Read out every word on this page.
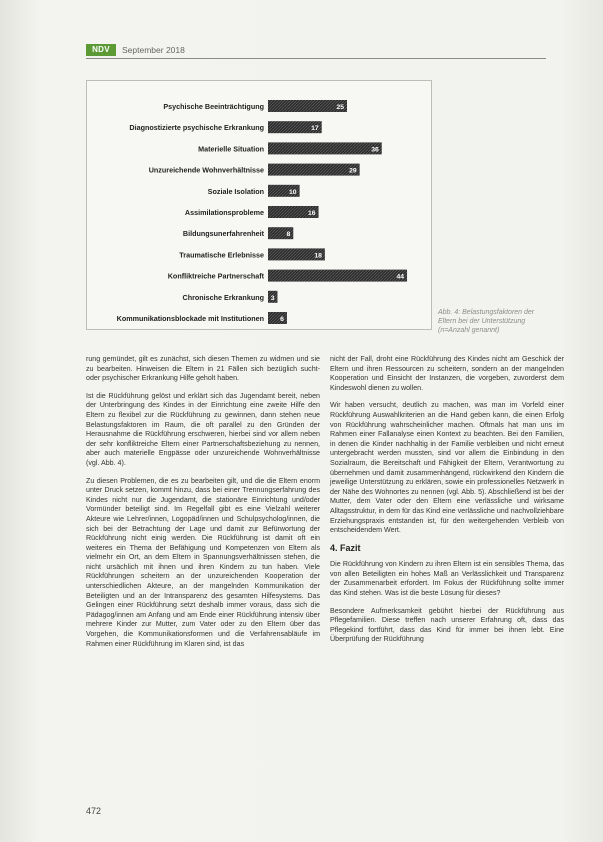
NDV	September 2018
Psychische Beeinträchtigung	25
Diagnostizierte psychische Erkrankung	17
Materielle Situation	36
Unzureichende Wohnverhältnisse	29
Soziale Isolation	10
Assimilationsprobleme	16
Bildungsunerfahrenheit	8
Traumatische Erlebnisse	18
Konfliktreiche Partnerschaft	44
Chronische Erkrankung 3
Kommunikationsblockade mit Institutionen 6
Abb. 4: Belastungsfaktoren der Eltern bei der Unterstützung (n=Anzahl genannt)

rung gemündet, gilt es zunächst, sich diesen Themen zu widmen und sie zu bearbeiten. Hinweisen die Eltern in 21 Fällen sich bezüglich sucht- oder psychischer Erkrankung Hilfe geholt haben.

Ist die Rückführung gelöst und erklärt sich das Jugendamt bereit, neben der Unterbringung des Kindes in der Einrichtung eine zweite Hilfe den Eltern zu flexibel zur die Rückführung zu gewinnen, dann stehen neue Belastungsfaktoren im Raum, die oft parallel zu den Gründen der Herausnahme die Rückführung erschweren, hierbei sind vor allem neben der sehr konfliktreiche Eltern einer Partnerschaftsbeziehung zu nennen, aber auch materielle Engpässe oder unzureichende Wohnverhältnisse (vgl. Abb. 4).

Zu diesen Problemen, die es zu bearbeiten gilt, und die die Eltern enorm unter Druck setzen, kommt hinzu, dass bei einer Trennungserfahrung des Kindes nicht nur die Jugendamt, die stationäre Einrichtung und/oder Vormünder beteiligt sind. Im Regelfall gibt es eine Vielzahl weiterer Akteure wie Lehrer/innen, Logopäd/innen und Schulpsycholog/innen, die sich bei der Betrachtung der Lage und damit zur Befürwortung der Rückführung nicht einig werden. Die Rückführung ist damit oft ein weiteres ein Thema der Befähigung und Kompetenzen von Eltern als vielmehr ein Ort, an dem Eltern in Spannungsverhältnissen stehen, die nicht ursächlich mit ihnen und ihren Kindern zu tun haben. Viele Rückführungen scheitern an der unzureichenden Kooperation der unterschiedlichen Akteure, an der mangelnden Kommunikation der Beteiligten und an der Intransparenz des gesamten Hilfesystems. Das Gelingen einer Rückführung setzt deshalb immer voraus, dass sich die Pädagog/innen am Anfang und am Ende einer Rückführung intensiv über mehrere Kinder zur Mutter, zum Vater oder zu den Eltern über das Vorgehen, die Kommunikationsformen und die Verfahrensabläufe im Rahmen einer Rückführung im Klaren sind, ist das

nicht der Fall, droht eine Rückführung des Kindes nicht am Geschick der Eltern und ihren Ressourcen zu scheitern, sondern an der mangelnden Kooperation und Einsicht der Instanzen, die vorgeben, zuvorderst dem Kindeswohl dienen zu wollen.

Wir haben versucht, deutlich zu machen, was man im Vorfeld einer Rückführung Auswahlkriterien an die Hand geben kann, die einen Erfolg von Rückführung wahrscheinlicher machen. Oftmals hat man uns im Rahmen einer Fallanalyse einen Kontext zu beachten. Bei den Familien, in denen die Kinder nachhaltig in der Familie verbleiben und nicht erneut untergebracht werden mussten, sind vor allem die Einbindung in den Sozialraum, die Bereitschaft und Fähigkeit der Eltern, Verantwortung zu übernehmen und damit zusammenhängend, rückwirkend den Kindern die jeweilige Unterstützung zu erklären, sowie ein professionelles Netzwerk in der Nähe des Wohnortes zu nennen (vgl. Abb. 5). Abschließend ist bei der Mutter, dem Vater oder den Eltern eine verlässliche und wirksame Alltagsstruktur, in dem für das Kind eine verlässliche und nachvollziehbare Erziehungspraxis entstanden ist, für den weitergehenden Verbleib von entscheidendem Wert.

4. Fazit

Die Rückführung von Kindern zu ihren Eltern ist ein sensibles Thema, das von allen Beteiligten ein hohes Maß an Verlässlichkeit und Transparenz der Zusammenarbeit erfordert. Im Fokus der Rückführung sollte immer das Kind stehen. Was ist die beste Lösung für dieses?

Besondere Aufmerksamkeit gebührt hierbei der Rückführung aus Pflegefamilien. Diese treffen nach unserer Erfahrung oft, dass das Pflegekind fortführt, dass das Kind für immer bei ihnen lebt. Eine Überprüfung der Rückführung

472
